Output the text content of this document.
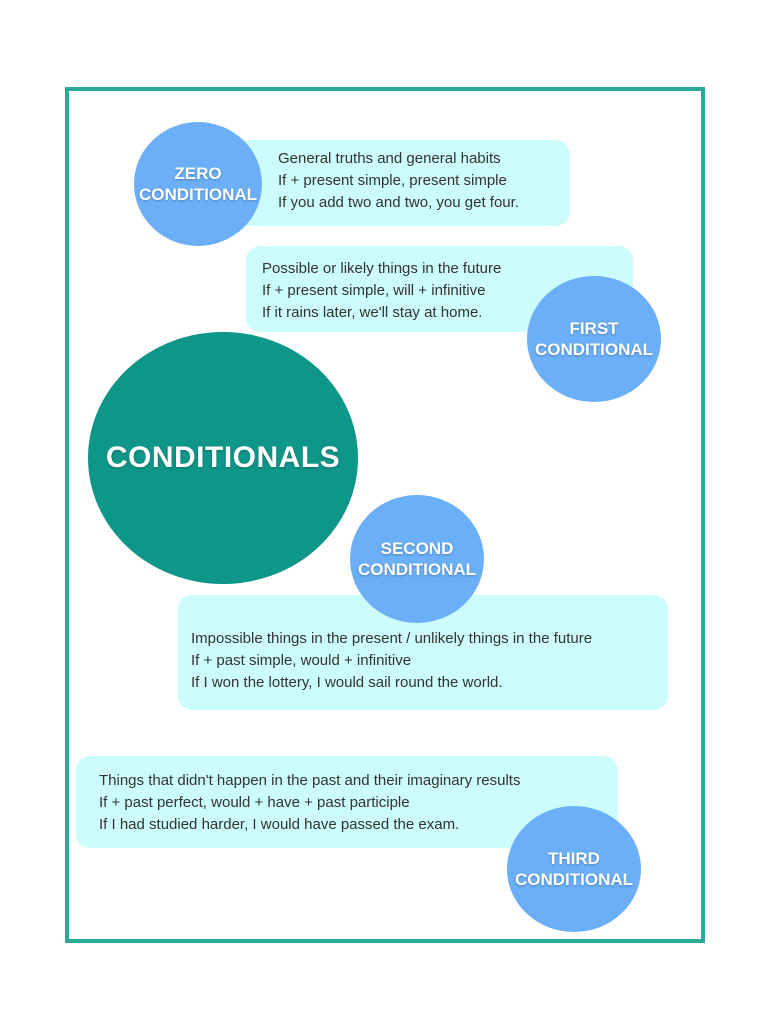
General truths and general habits
If + present simple, present simple
If you add two and two, you get four.
ZERO
CONDITIONAL
Possible or likely things in the future
If + present simple, will + infinitive
If it rains later, we'll stay at home.
FIRST
CONDITIONAL
CONDITIONALS
Impossible things in the present / unlikely things in the future
If + past simple, would + infinitive
If I won the lottery, I would sail round the world.
SECOND
CONDITIONAL
Things that didn't happen in the past and their imaginary results
If + past perfect, would + have + past participle
If I had studied harder, I would have passed the exam.
THIRD
CONDITIONAL
